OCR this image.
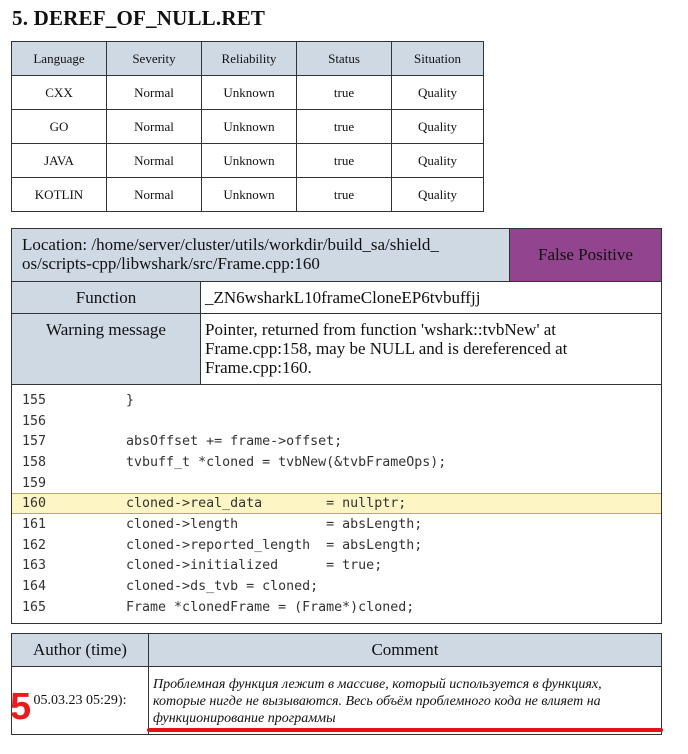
5. DEREF_OF_NULL.RET
Language	Severity	Reliability	Status	Situation
CXX	Normal	Unknown	true	Quality
GO	Normal	Unknown	true	Quality
JAVA	Normal	Unknown	true	Quality
KOTLIN	Normal	Unknown	true	Quality
Location: /home/server/cluster/utils/workdir/build_sa/shield_
os/scripts-cpp/libwshark/src/Frame.cpp:160	False Positive
Function	_ZN6wsharkL10frameCloneEP6tvbuffjj
Warning message	Pointer, returned from function 'wshark::tvbNew' at Frame.cpp:158, may be NULL and is dereferenced at Frame.cpp:160.
155	}
156
157	absOffset += frame->offset;
158	tvbuff_t *cloned = tvbNew(&tvbFrameOps);
159
160	cloned->real_data        = nullptr;
161	cloned->length           = absLength;
162	cloned->reported_length  = absLength;
163	cloned->initialized      = true;
164	cloned->ds_tvb = cloned;
165	Frame *clonedFrame = (Frame*)cloned;
Author (time)	Comment
05.03.23 05:29):	Проблемная функция лежит в массиве, который используется в функциях, которые нигде не вызываются. Весь объём проблемного кода не влияет на функционирование программы
5
